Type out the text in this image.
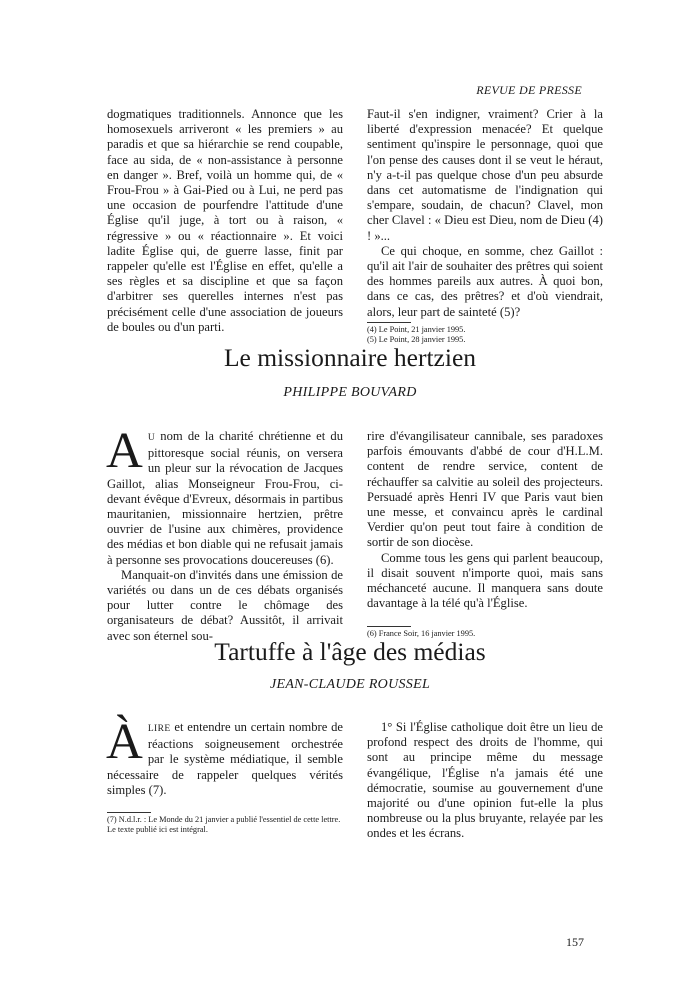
REVUE DE PRESSE

dogmatiques traditionnels. Annonce que les homosexuels arriveront « les premiers » au paradis et que sa hiérarchie se rend coupable, face au sida, de « non-assistance à personne en danger ». Bref, voilà un homme qui, de « Frou-Frou » à Gai-Pied ou à Lui, ne perd pas une occasion de pourfendre l'attitude d'une Église qu'il juge, à tort ou à raison, « régressive » ou « réactionnaire ». Et voici ladite Église qui, de guerre lasse, finit par rappeler qu'elle est l'Église en effet, qu'elle a ses règles et sa discipline et que sa façon d'arbitrer ses querelles internes n'est pas précisément celle d'une association de joueurs de boules ou d'un parti.

Faut-il s'en indigner, vraiment? Crier à la liberté d'expression menacée? Et quelque sentiment qu'inspire le personnage, quoi que l'on pense des causes dont il se veut le héraut, n'y a-t-il pas quelque chose d'un peu absurde dans cet automatisme de l'indignation qui s'empare, soudain, de chacun? Clavel, mon cher Clavel : « Dieu est Dieu, nom de Dieu (4) ! »...

Ce qui choque, en somme, chez Gaillot : qu'il ait l'air de souhaiter des prêtres qui soient des hommes pareils aux autres. À quoi bon, dans ce cas, des prêtres? et d'où viendrait, alors, leur part de sainteté (5)?

(4) Le Point, 21 janvier 1995.

(5) Le Point, 28 janvier 1995.

Le missionnaire hertzien
PHILIPPE BOUVARD

A U nom de la charité chrétienne et du pittoresque social réunis, on versera un pleur sur la révocation de Jacques Gaillot, alias Monseigneur Frou-Frou, ci-devant évêque d'Evreux, désormais in partibus mauritanien, missionnaire hertzien, prêtre ouvrier de l'usine aux chimères, providence des médias et bon diable qui ne refusait jamais à personne ses provocations doucereuses (6).

Manquait-on d'invités dans une émission de variétés ou dans un de ces débats organisés pour lutter contre le chômage des organisateurs de débat? Aussitôt, il arrivait avec son éternel sou-

rire d'évangilisateur cannibale, ses paradoxes parfois émouvants d'abbé de cour d'H.L.M. content de rendre service, content de réchauffer sa calvitie au soleil des projecteurs. Persuadé après Henri IV que Paris vaut bien une messe, et convaincu après le cardinal Verdier qu'on peut tout faire à condition de sortir de son diocèse.

Comme tous les gens qui parlent beaucoup, il disait souvent n'importe quoi, mais sans méchanceté aucune. Il manquera sans doute davantage à la télé qu'à l'Église.

(6) France Soir, 16 janvier 1995.

Tartuffe à l'âge des médias
JEAN-CLAUDE ROUSSEL

ÀLIRE et entendre un certain nombre de réactions soigneusement orchestrée par le système médiatique, il semble nécessaire de rappeler quelques vérités simples (7).

(7) N.d.l.r. : Le Monde du 21 janvier a publié l'essentiel de cette lettre. Le texte publié ici est intégral.

1° Si l'Église catholique doit être un lieu de profond respect des droits de l'homme, qui sont au principe même du message évangélique, l'Église n'a jamais été une démocratie, soumise au gouvernement d'une majorité ou d'une opinion fut-elle la plus nombreuse ou la plus bruyante, relayée par les ondes et les écrans.

157
